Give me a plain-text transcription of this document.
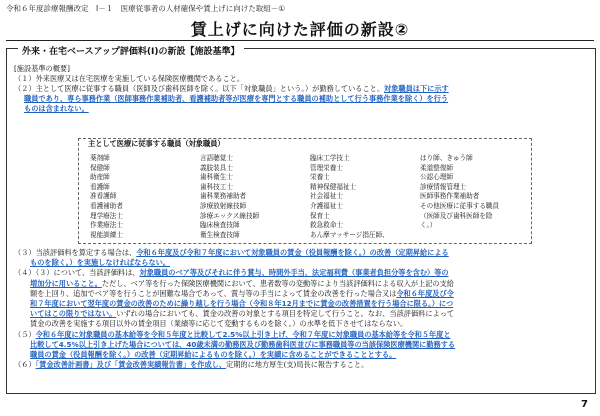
令和６年度診療報酬改定　Ⅰ－１　医療従事者の人材確保や賃上げに向けた取組－①
賃上げに向けた評価の新設②
外来・在宅ベースアップ評価料(Ⅰ)の新設【施設基準】
[施設基準の概要]
（１）外来医療又は在宅医療を実施している保険医療機関であること。
（２）主として医療に従事する職員（医師及び歯科医師を除く。以下「対象職員」という。）が勤務していること。対象職員は下に示す
職員であり、専ら事務作業（医師事務作業補助者、看護補助者等が医療を専門とする職員の補助として行う事務作業を除く）を行う
ものは含まれない。
主として医療に従事する職員（対象職員）
薬剤師	言語聴覚士	臨床工学技士	はり師、きゅう師
保健師	義肢装具士	管理栄養士	柔道整復師
助産師	歯科衛生士	栄養士	公認心理師
看護師	歯科技工士	精神保健福祉士	診療情報管理士
准看護師	歯科業務補助者	社会福祉士	医師事務作業補助者
看護補助者	診療放射線技師	介護福祉士	その他医療に従事する職員
理学療法士	診療エックス線技師	保育士	（医師及び歯科医師を除
作業療法士	臨床検査技師	救急救命士	く。）
視能訓練士	衛生検査技師	あん摩マッサージ指圧師、
（３）当該評価料を算定する場合は、令和６年度及び令和７年度において対象職員の賃金（役員報酬を除く。）の改善（定期昇給による
ものを除く。）を実施しなければならない。
（４）（３）について、当該評価料は、対象職員のベア等及びそれに伴う賞与、時間外手当、法定福利費（事業者負担分等を含む）等の
増加分に用いること。ただし、ベア等を行った保険医療機関において、患者数等の変動等により当該評価料による収入が上記の支給
額を上回り、追加でベア等を行うことが困難な場合であって、賞与等の手当によって賃金の改善を行った場合又は令和６年度及び令
和７年度において翌年度の賃金の改善のために繰り越しを行う場合（令和８年12月までに賃金の改善措置を行う場合に限る。）につ
いてはこの限りではない。いずれの場合においても、賃金の改善の対象とする項目を特定して行うこと。なお、当該評価料によって
賃金の改善を実施する項目以外の賃金項目（業績等に応じて変動するものを除く。）の水準を低下させてはならない。
（５）令和６年度に対象職員の基本給等を令和５年度と比較して2.5%以上引き上げ、令和７年度に対象職員の基本給等を令和５年度と
比較して4.5%以上引き上げた場合については、40歳未満の勤務医及び勤務歯科医並びに事務職員等の当該保険医療機関に勤務する
職員の賃金（役員報酬を除く。）の改善（定期昇給によるものを除く。）を実績に含めることができることとする。
（６）「賃金改善計画書」及び「賃金改善実績報告書」を作成し、定期的に地方厚生(支)局長に報告すること。
7
